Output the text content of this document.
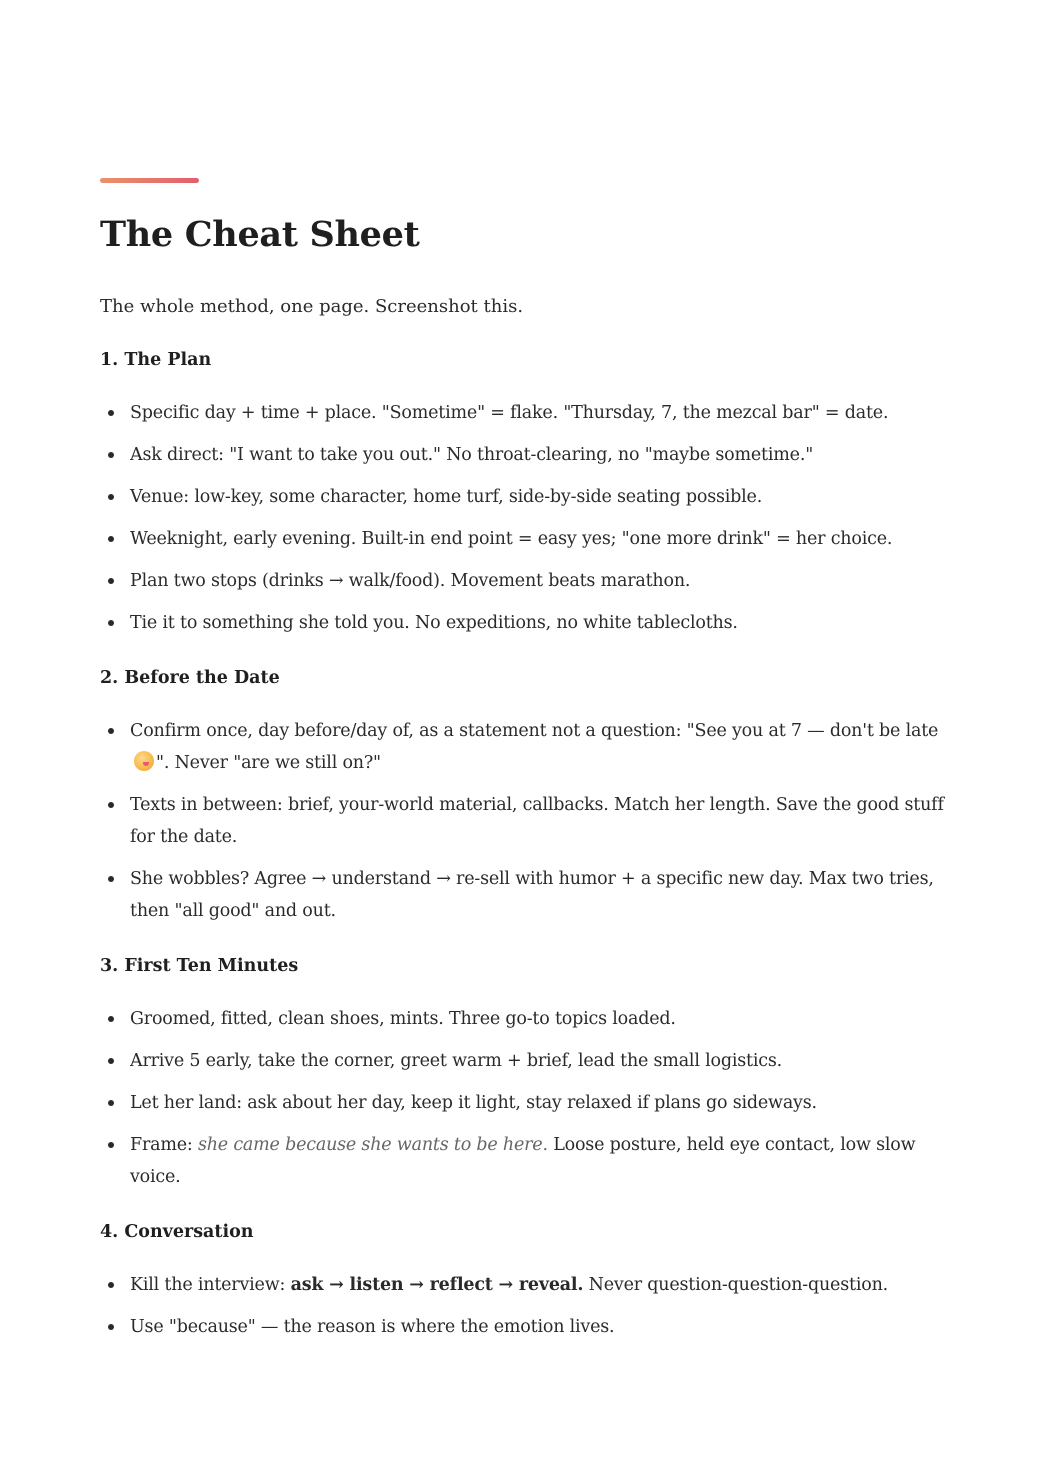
The Cheat Sheet

The whole method, one page. Screenshot this.

1. The Plan
Specific day + time + place. "Sometime" = flake. "Thursday, 7, the mezcal bar" = date.
Ask direct: "I want to take you out." No throat-clearing, no "maybe sometime."
Venue: low-key, some character, home turf, side-by-side seating possible.
Weeknight, early evening. Built-in end point = easy yes; "one more drink" = her choice.
Plan two stops (drinks → walk/food). Movement beats marathon.
Tie it to something she told you. No expeditions, no white tablecloths.
2. Before the Date
Confirm once, day before/day of, as a statement not a question: "See you at 7 — don't be late". Never "are we still on?"
Texts in between: brief, your-world material, callbacks. Match her length. Save the good stuff for the date.
She wobbles? Agree → understand → re-sell with humor + a specific new day. Max two tries, then "all good" and out.
3. First Ten Minutes
Groomed, fitted, clean shoes, mints. Three go-to topics loaded.
Arrive 5 early, take the corner, greet warm + brief, lead the small logistics.
Let her land: ask about her day, keep it light, stay relaxed if plans go sideways.
Frame: she came because she wants to be here. Loose posture, held eye contact, low slow voice.
4. Conversation
Kill the interview: ask → listen → reflect → reveal. Never question-question-question.
Use "because" — the reason is where the emotion lives.
